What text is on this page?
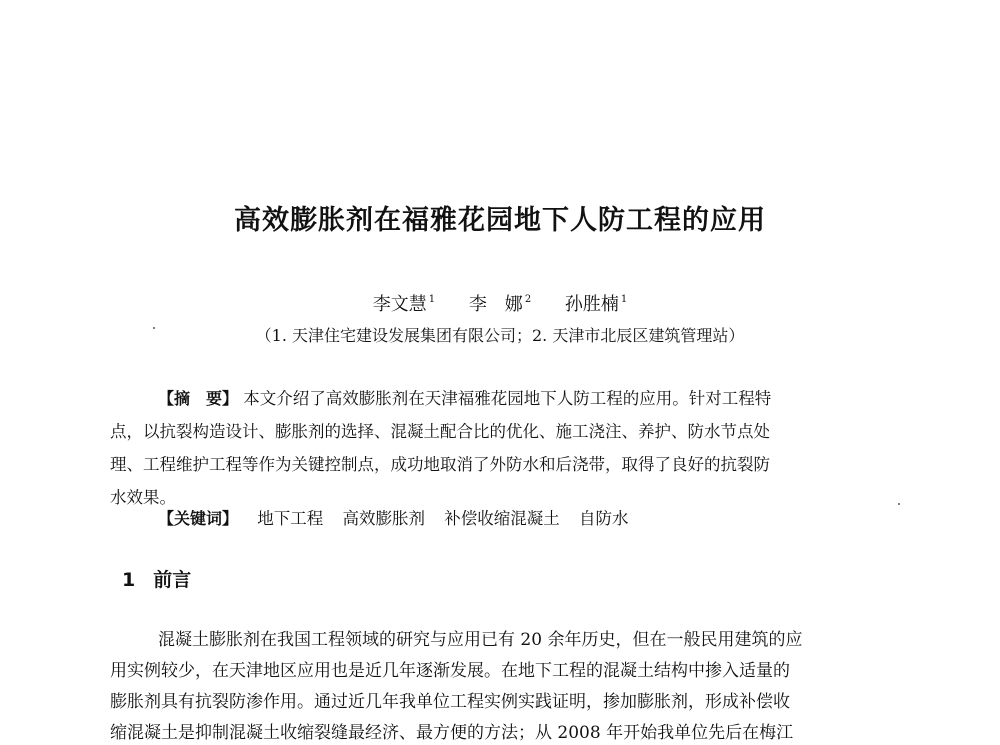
高效膨胀剂在福雅花园地下人防工程的应用
李文慧 $^1$ 李　娜 $^2$ 孙胜楠 $^1$
（1. 天津住宅建设发展集团有限公司；2. 天津市北辰区建筑管理站）
【摘　要】 本文介绍了高效膨胀剂在天津福雅花园地下人防工程的应用。针对工程特
点，以抗裂构造设计、膨胀剂的选择、混凝土配合比的优化、施工浇注、养护、防水节点处
理、工程维护工程等作为关键控制点，成功地取消了外防水和后浇带，取得了良好的抗裂防
水效果。
【关键词】 地下工程 高效膨胀剂 补偿收缩混凝土 自防水
1 前言
混凝土膨胀剂在我国工程领域的研究与应用已有 20 余年历史，但在一般民用建筑的应
用实例较少，在天津地区应用也是近几年逐渐发展。在地下工程的混凝土结构中掺入适量的
膨胀剂具有抗裂防渗作用。通过近几年我单位工程实例实践证明，掺加膨胀剂，形成补偿收
缩混凝土是抑制混凝土收缩裂缝最经济、最方便的方法；从 2008 年开始我单位先后在梅江
